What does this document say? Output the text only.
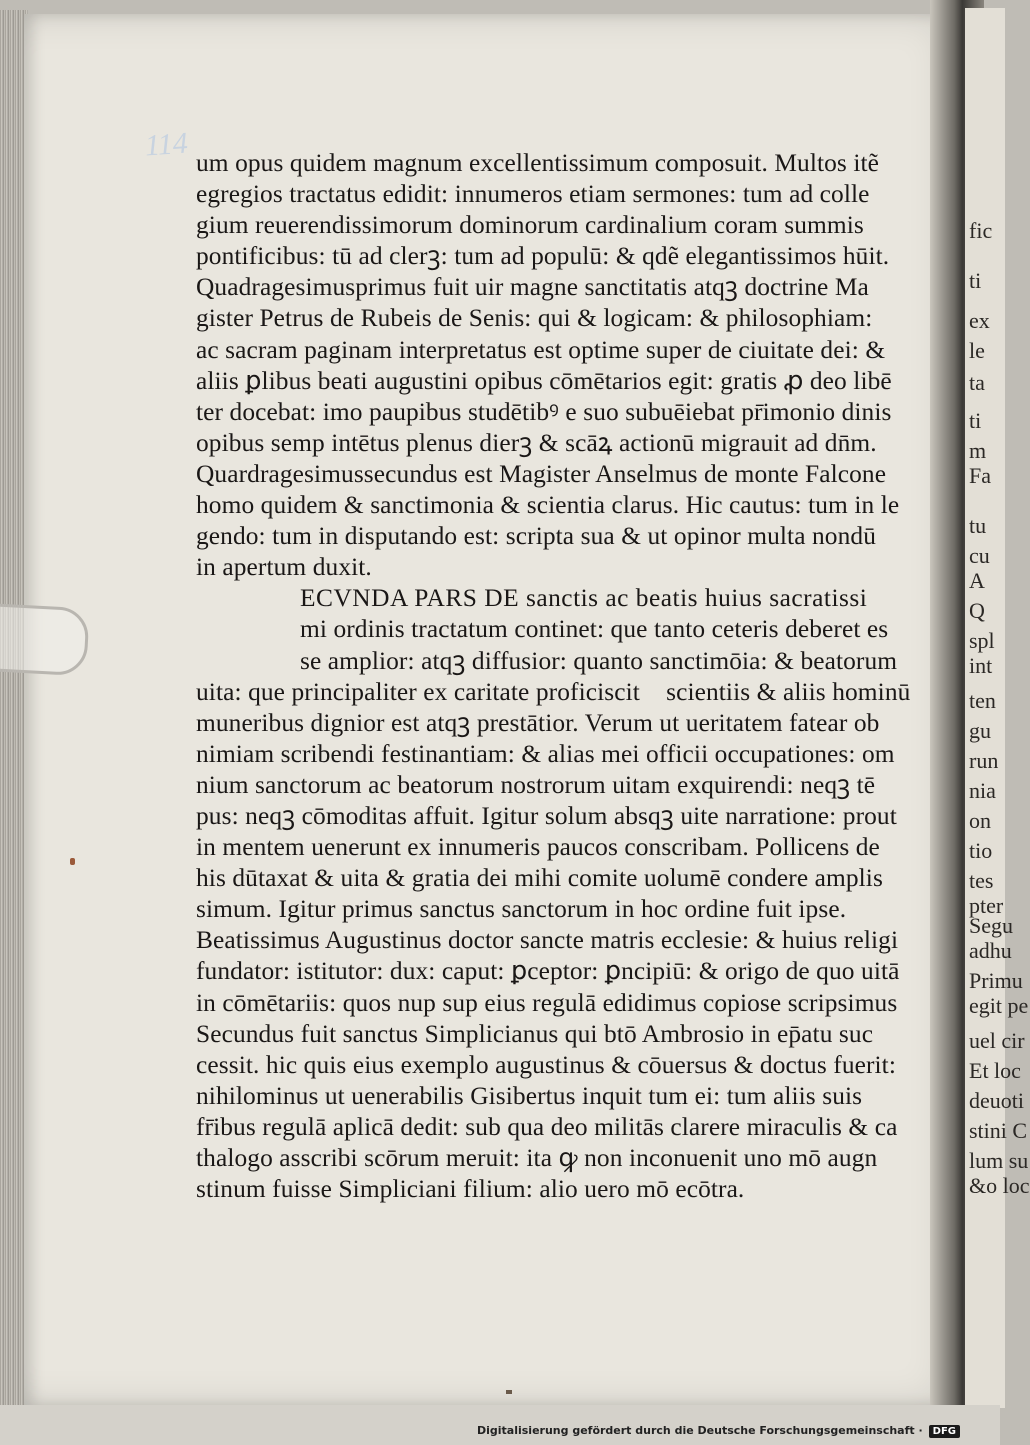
fic
ti
ex
le
ta
ti
m
Fa
tu
cu
A
Q
spl
int
ten
gu
run
nia
on
tio
tes
pter
Segu
adhu
Primu
egit pe
uel cir
Et loc
deuoti
stini C
lum su
&o loc
114
um opus quidem magnum excellentissimum composuit. Multos itẽ
egregios tractatus edidit: innumeros etiam sermones: tum ad colle
gium reuerendissimorum dominorum cardinalium coram summis
pontificibus: tū ad clerꝫ: tum ad populū: & qdẽ elegantissimos hūit.
Quadragesimusprimus fuit uir magne sanctitatis atqꝫ doctrine Ma
gister Petrus de Rubeis de Senis: qui & logicam: & philosophiam:
ac sacram paginam interpretatus est optime super de ciuitate dei: &
aliis ꝑlibus beati augustini opibus cōmētarios egit: gratis ꝓ deo libē
ter docebat: imo paupibus studētibꝰ e suo subuēiebat pr̄imonio dinis
opibus semp intētus plenus dierꝫ & scāꝝ actionū migrauit ad dn̄m.
Quardragesimussecundus est Magister Anselmus de monte Falcone
homo quidem & sanctimonia & scientia clarus. Hic cautus: tum in le
gendo: tum in disputando est: scripta sua & ut opinor multa nondū
in apertum duxit.
ECVNDA PARS DE sanctis ac beatis huius sacratissi
mi ordinis tractatum continet: que tanto ceteris deberet es
se amplior: atqꝫ diffusior: quanto sanctimōia: & beatorum
uita: que principaliter ex caritate proficiscit᷑ scientiis & aliis hominū
muneribus dignior est atqꝫ prestātior. Verum ut ueritatem fatear ob
nimiam scribendi festinantiam: & alias mei officii occupationes: om
nium sanctorum ac beatorum nostrorum uitam exquirendi: neqꝫ tē
pus: neqꝫ cōmoditas affuit. Igitur solum absqꝫ uite narratione: prout
in mentem uenerunt ex innumeris paucos conscribam. Pollicens de
his dūtaxat & uita & gratia dei mihi comite uolumē condere amplis
simum. Igitur primus sanctus sanctorum in hoc ordine fuit ipse.
Beatissimus Augustinus doctor sancte matris ecclesie: & huius religi
fundator: istitutor: dux: caput: ꝑceptor: ꝑncipiū: & origo de quo uitā
in cōmētariis: quos nup sup eius regulā edidimus copiose scripsimus
Secundus fuit sanctus Simplicianus qui btō Ambrosio in ep̄atu suc
cessit. hic quis eius exemplo augustinus & cōuersus & doctus fuerit:
nihilominus ut uenerabilis Gisibertus inquit tum ei: tum aliis suis
fr̄ibus regulā aplicā dedit: sub qua deo militās clarere miraculis & ca
thalogo asscribi scōrum meruit: ita ꝙ non inconuenit uno mō augn
stinum fuisse Simpliciani filium: alio uero mō ecōtra.
Digitalisierung gefördert durch die Deutsche Forschungsgemeinschaft · DFG
